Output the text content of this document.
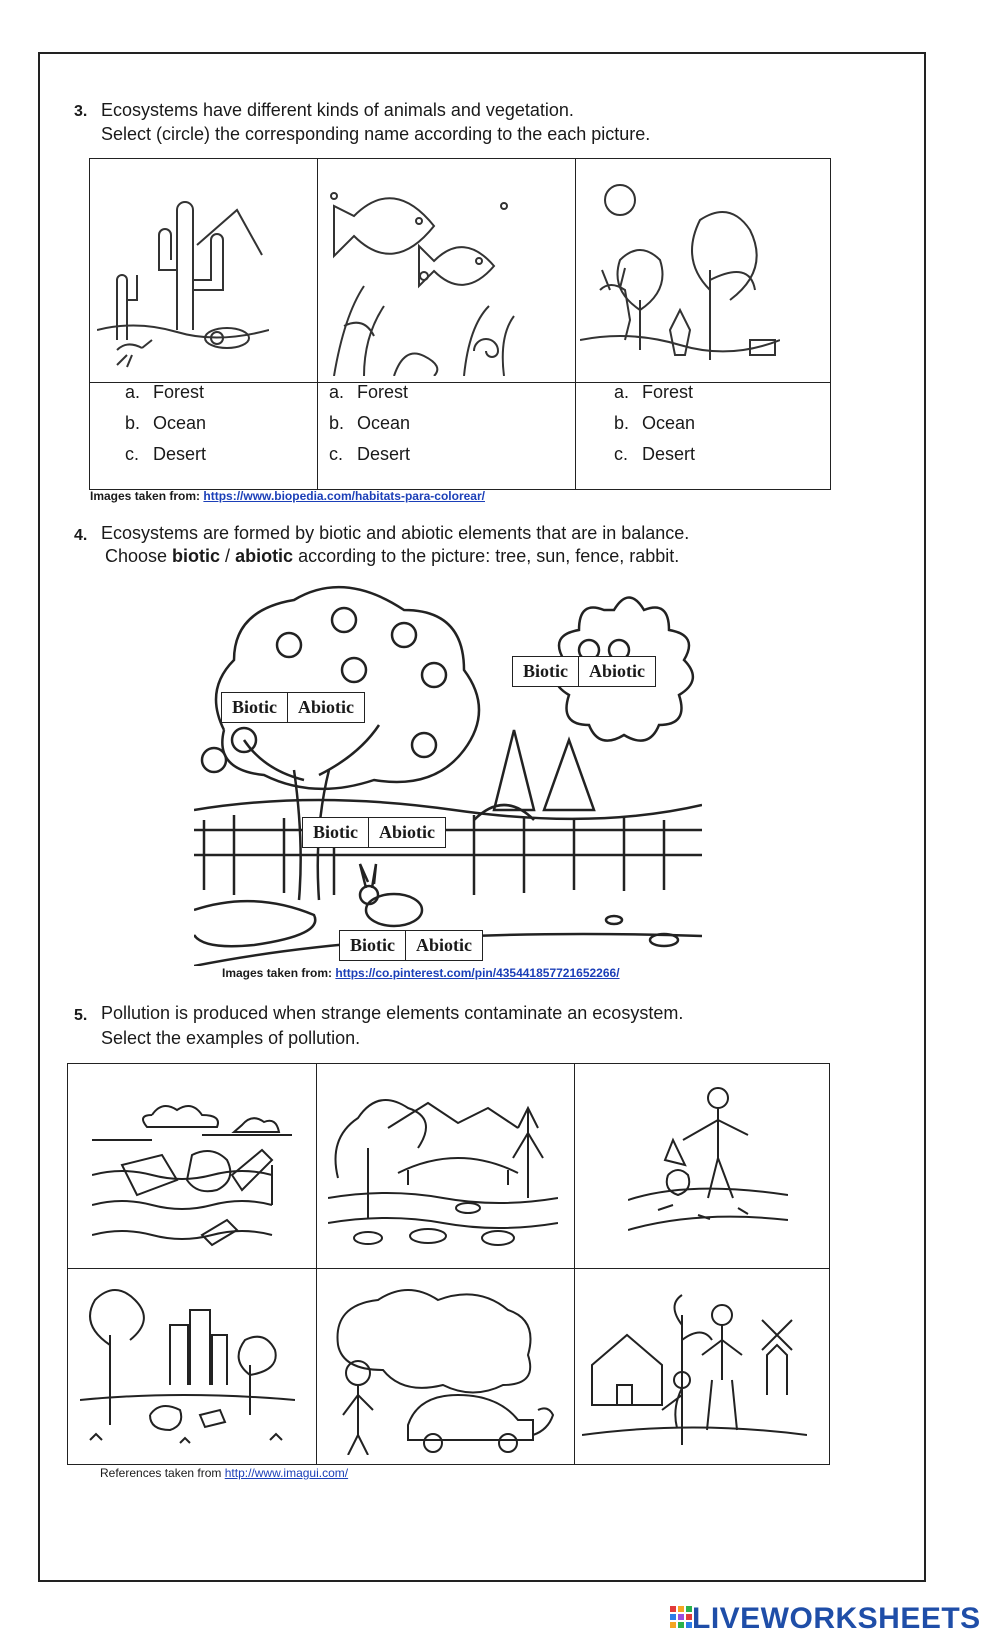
3. Ecosystems have different kinds of animals and vegetation.
Select (circle) the corresponding name according to the each picture.

a. Forest
b. Ocean
c. Desert
a. Forest
b. Ocean
c. Desert
a. Forest
b. Ocean
c. Desert
Images taken from: https://www.biopedia.com/habitats-para-colorear/
4. Ecosystems are formed by biotic and abiotic elements that are in balance.
Choose biotic / abiotic according to the picture: tree, sun, fence, rabbit.
Biotic	Abiotic
Biotic	Abiotic
Biotic	Abiotic
Biotic	Abiotic
Images taken from: https://co.pinterest.com/pin/435441857721652266/
5. Pollution is produced when strange elements contaminate an ecosystem.
Select the examples of pollution.

References taken from http://www.imagui.com/
LIVEWORKSHEETS
